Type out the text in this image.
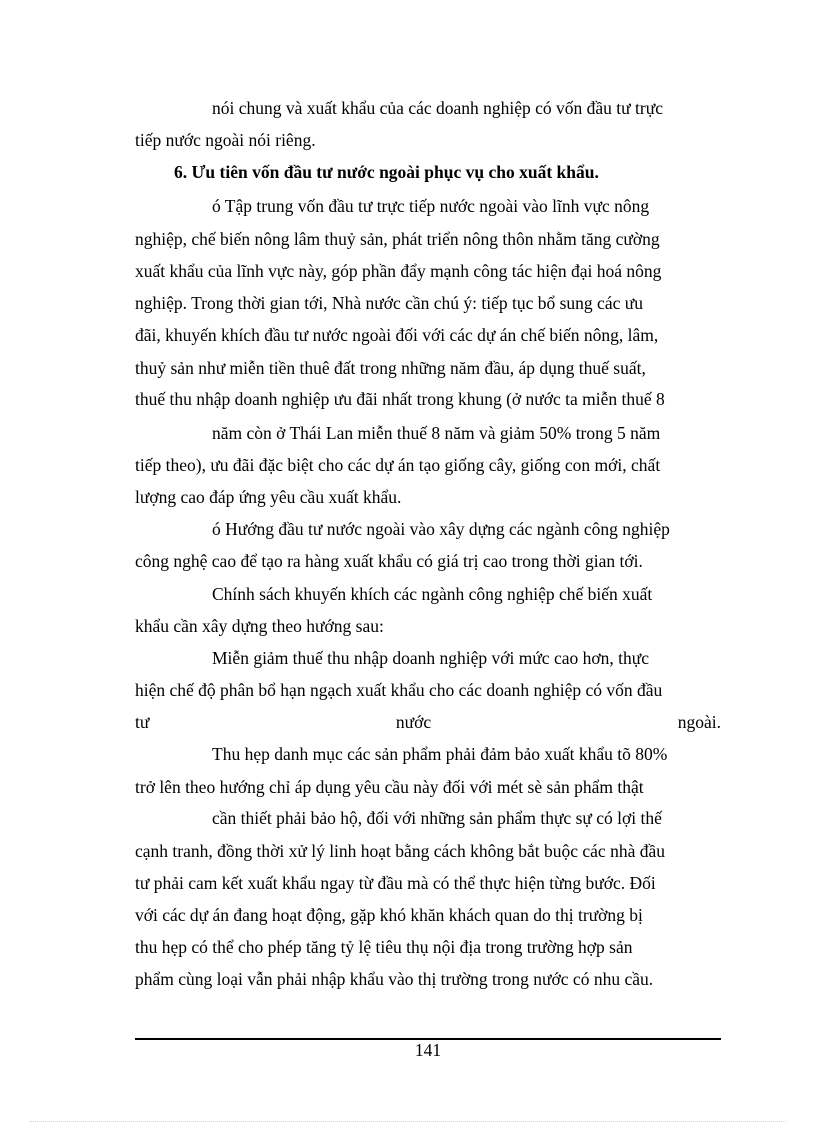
nói chung và xuất khẩu của các doanh nghiệp có vốn đầu tư trực
tiếp nước ngoài nói riêng.
6. Ưu tiên vốn đầu tư nước ngoài phục vụ cho xuất khẩu.
ó Tập trung vốn đầu tư trực tiếp nước ngoài vào lĩnh vực nông
nghiệp, chế biến nông lâm thuỷ sản, phát triển nông thôn nhằm tăng cường
xuất khẩu của lĩnh vực này, góp phần đẩy mạnh công tác hiện đại hoá nông
nghiệp. Trong thời gian tới, Nhà nước cần chú ý: tiếp tục bổ sung các ưu
đãi, khuyến khích đầu tư nước ngoài đối với các dự án chế biến nông, lâm,
thuỷ sản như miễn tiền thuê đất trong những năm đầu, áp dụng thuế suất,
thuế thu nhập doanh nghiệp ưu đãi nhất trong khung (ở nước ta miễn thuế 8
năm còn ở Thái Lan miễn thuế 8 năm và giảm 50% trong 5 năm
tiếp theo), ưu đãi đặc biệt cho các dự án tạo giống cây, giống con mới, chất
lượng cao đáp ứng yêu cầu xuất khẩu.
ó Hướng đầu tư nước ngoài vào xây dựng các ngành công nghiệp
công nghệ cao để tạo ra hàng xuất khẩu có giá trị cao trong thời gian tới.
Chính sách khuyến khích các ngành công nghiệp chế biến xuất
khẩu cần xây dựng theo hướng sau:
Miễn giảm thuế thu nhập doanh nghiệp với mức cao hơn, thực
hiện chế độ phân bổ hạn ngạch xuất khẩu cho các doanh nghiệp có vốn đầu
tư nước ngoài.
Thu hẹp danh mục các sản phẩm phải đảm bảo xuất khẩu tõ 80%
trở lên theo hướng chỉ áp dụng yêu cầu này đối với mét sè sản phẩm thật
cần thiết phải bảo hộ, đối với những sản phẩm thực sự có lợi thế
cạnh tranh, đồng thời xử lý linh hoạt bằng cách không bắt buộc các nhà đầu
tư phải cam kết xuất khẩu ngay từ đầu mà có thể thực hiện từng bước. Đối
với các dự án đang hoạt động, gặp khó khăn khách quan do thị trường bị
thu hẹp có thể cho phép tăng tỷ lệ tiêu thụ nội địa trong trường hợp sản
phẩm cùng loại vẫn phải nhập khẩu vào thị trường trong nước có nhu cầu.
141
